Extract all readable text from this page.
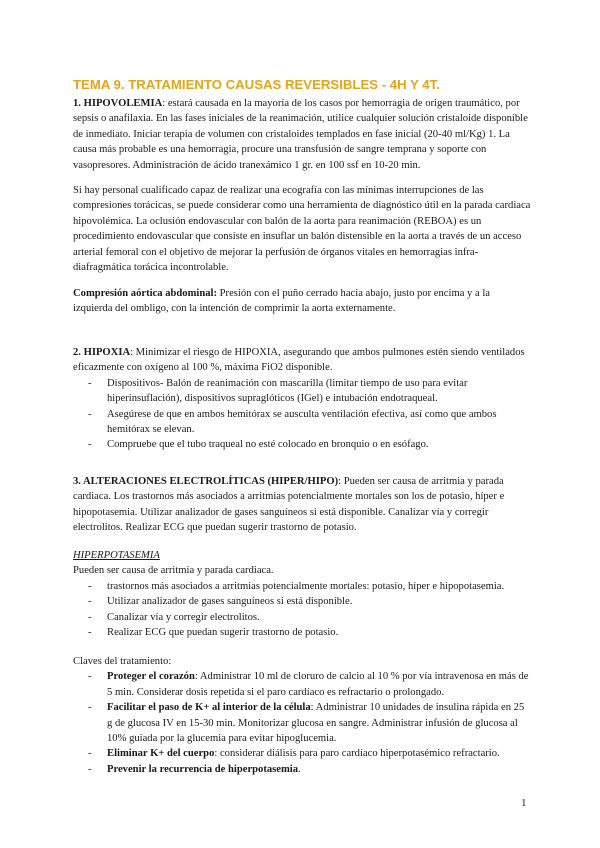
TEMA 9. TRATAMIENTO CAUSAS REVERSIBLES - 4H Y 4T.

1. HIPOVOLEMIA: estará causada en la mayoría de los casos por hemorragia de origen traumático, por sepsis o anafilaxia. En las fases iniciales de la reanimación, utilice cualquier solución cristaloide disponible de inmediato. Iniciar terapia de volumen con cristaloides templados en fase inicial (20-40 ml/Kg) 1. La causa más probable es una hemorragia, procure una transfusión de sangre temprana y soporte con vasopresores. Administración de ácido tranexámico 1 gr. en 100 ssf en 10-20 min.

Si hay personal cualificado capaz de realizar una ecografía con las mínimas interrupciones de las compresiones torácicas, se puede considerar como una herramienta de diagnóstico útil en la parada cardiaca hipovolémica. La oclusión endovascular con balón de la aorta para reanimación (REBOA) es un procedimiento endovascular que consiste en insuflar un balón distensible en la aorta a través de un acceso arterial femoral con el objetivo de mejorar la perfusión de órganos vitales en hemorragias infra-diafragmática torácica incontrolable.

Compresión aórtica abdominal: Presión con el puño cerrado hacia abajo, justo por encima y a la izquierda del ombligo, con la intención de comprimir la aorta externamente.

2. HIPOXIA: Minimizar el riesgo de HIPOXIA, asegurando que ambos pulmones estén siendo ventilados eficazmente con oxígeno al 100 %, máxima FiO2 disponible.

- Dispositivos- Balón de reanimación con mascarilla (limitar tiempo de uso para evitar hiperinsuflación), dispositivos supraglóticos (IGel) e intubación endotraqueal.
- Asegúrese de que en ambos hemitórax se ausculta ventilación efectiva, así como que ambos hemitórax se elevan.
- Compruebe que el tubo traqueal no esté colocado en bronquio o en esófago.

3. ALTERACIONES ELECTROLÍTICAS (HIPER/HIPO): Pueden ser causa de arritmia y parada cardiaca. Los trastornos más asociados a arritmias potencialmente mortales son los de potasio, híper e hipopotasemia. Utilizar analizador de gases sanguíneos si está disponible. Canalizar vía y corregir electrolitos. Realizar ECG que puedan sugerir trastorno de potasio.

HIPERPOTASEMIA

Pueden ser causa de arritmia y parada cardiaca.

- trastornos más asociados a arritmias potencialmente mortales: potasio, híper e hipopotasemia.
- Utilizar analizador de gases sanguíneos si está disponible.
- Canalizar vía y corregir electrolitos.
- Realizar ECG que puedan sugerir trastorno de potasio.

Claves del tratamiento:

- Proteger el corazón: Administrar 10 ml de cloruro de calcio al 10 % por vía intravenosa en más de 5 min. Considerar dosis repetida si el paro cardíaco es refractario o prolongado.
- Facilitar el paso de K+ al interior de la célula: Administrar 10 unidades de insulina rápida en 25 g de glucosa IV en 15-30 min. Monitorizar glucosa en sangre. Administrar infusión de glucosa al 10% guiada por la glucemia para evitar hipoglucemia.
- Eliminar K+ del cuerpo: considerar diálisis para paro cardíaco hiperpotasémico refractario.
- Prevenir la recurrencia de hiperpotasemia.
1
